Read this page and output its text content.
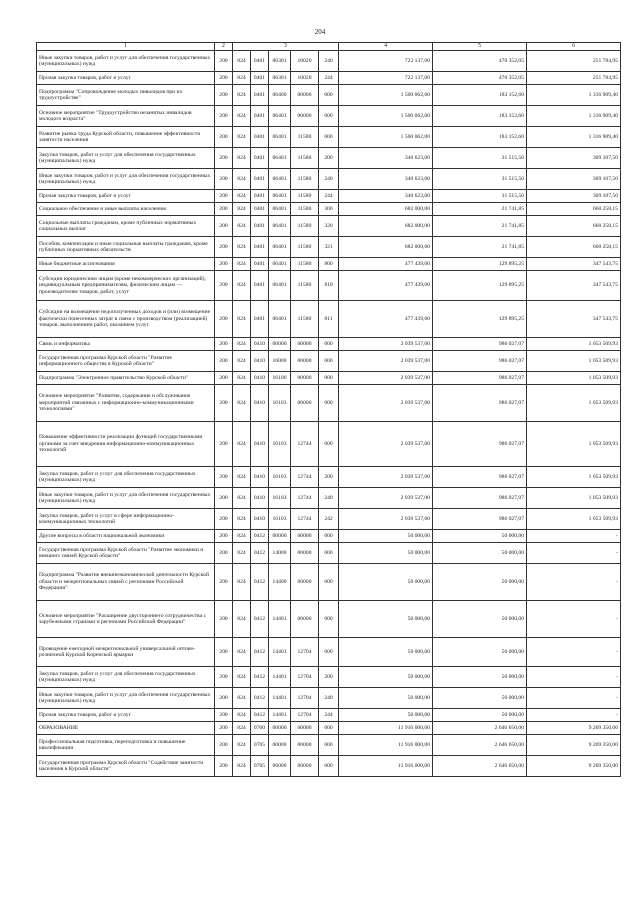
204
1	2	3					4	5	6
Иные закупки товаров, работ и услуг для обеспечения государственных (муниципальных) нужд	200	824	0401	06301	10020	240	722 137,00	470 352,05	251 784,95
Прочая закупка товаров, работ и услуг	200	824	0401	06301	10020	244	722 137,00	470 352,05	251 784,95
Подпрограмма "Сопровождение молодых инвалидов при их трудоустройстве"	200	824	0401	06400	00000	000	1 500 062,00	183 152,60	1 316 909,40
Основное мероприятие "Трудоустройство незанятых инвалидов молодого возраста"	200	824	0401	06401	00000	000	1 500 062,00	183 152,60	1 316 909,40
Развитие рынка труда Курской области, повышение эффективности занятости населения	200	824	0401	06401	11580	000	1 500 062,00	183 152,60	1 316 909,40
Закупка товаров, работ и услуг для обеспечения государственных (муниципальных) нужд	200	824	0401	06401	11580	200	340 623,00	31 515,50	309 107,50
Иные закупки товаров, работ и услуг для обеспечения государственных (муниципальных) нужд	200	824	0401	06401	11580	240	340 623,00	31 515,50	309 107,50
Прочая закупка товаров, работ и услуг	200	824	0401	06401	11580	244	340 623,00	31 515,50	309 107,50
Социальное обеспечение и иные выплаты населению	200	824	0401	06401	11580	300	682 000,00	21 741,85	660 258,15
Социальные выплаты гражданам, кроме публичных нормативных социальных выплат	200	824	0401	06401	11580	320	682 000,00	21 741,85	660 258,15
Пособия, компенсации и иные социальные выплаты гражданам, кроме публичных нормативных обязательств	200	824	0401	06401	11580	321	682 000,00	21 741,85	660 258,15
Иные бюджетные ассигнования	200	824	0401	06401	11580	800	477 439,00	129 895,25	347 543,75
Субсидии юридическим лицам (кроме некоммерческих организаций), индивидуальным предпринимателям, физическим лицам — производителям товаров, работ, услуг	200	824	0401	06401	11580	810	477 439,00	129 895,25	347 543,75
Субсидии на возмещение недополученных доходов и (или) возмещение фактически понесенных затрат в связи с производством (реализацией) товаров, выполнением работ, оказанием услуг	200	824	0401	06401	11580	811	477 439,00	129 895,25	347 543,75
Связь и информатика	200	824	0410	00000	00000	000	2 039 537,00	986 027,07	1 053 509,93
Государственная программа Курской области "Развитие информационного общества в Курской области"	200	824	0410	16000	00000	000	2 039 537,00	986 027,07	1 053 509,93
Подпрограмма "Электронное правительство Курской области"	200	824	0410	16100	00000	000	2 039 537,00	986 027,07	1 053 509,93
Основное мероприятие "Развитие, содержание и обслуживание мероприятий связанных с информационно-коммуникационными технологиями"	200	824	0410	16103	00000	000	2 039 537,00	986 027,07	1 053 509,93
Повышение эффективности реализации функций государственными органами за счет внедрения информационно-коммуникационных технологий	200	824	0410	16103	12744	000	2 039 537,00	986 027,07	1 053 509,93
Закупка товаров, работ и услуг для обеспечения государственных (муниципальных) нужд	200	824	0410	16103	12744	200	2 039 537,00	986 027,07	1 053 509,93
Иные закупки товаров, работ и услуг для обеспечения государственных (муниципальных) нужд	200	824	0410	16103	12744	240	2 039 537,00	986 027,07	1 053 509,93
Закупка товаров, работ и услуг в сфере информационно-коммуникационных технологий	200	824	0410	16103	12744	242	2 039 537,00	986 027,07	1 053 509,93
Другие вопросы в области национальной экономики	200	824	0412	00000	00000	000	50 000,00	50 000,00	-
Государственная программа Курской области "Развитие экономики и внешних связей Курской области"	200	824	0412	14000	00000	000	50 000,00	50 000,00	-
Подпрограмма "Развитие внешнеэкономической деятельности Курской области и межрегиональных связей с регионами Российской Федерации"	200	824	0412	14400	00000	000	50 000,00	50 000,00	-
Основное мероприятие "Расширение двустороннего сотрудничества с зарубежными странами и регионами Российской Федерации"	200	824	0412	14401	00000	000	50 000,00	50 000,00	-
Проведение ежегодной межрегиональной универсальной оптово-розничной Курской Коренской ярмарки	200	824	0412	14401	12704	000	50 000,00	50 000,00	-
Закупка товаров, работ и услуг для обеспечения государственных (муниципальных) нужд	200	824	0412	14401	12704	200	50 000,00	50 000,00	-
Иные закупки товаров, работ и услуг для обеспечения государственных (муниципальных) нужд	200	824	0412	14401	12704	240	50 000,00	50 000,00	-
Прочая закупка товаров, работ и услуг	200	824	0412	14401	12704	244	50 000,00	50 000,00	-
ОБРАЗОВАНИЕ	200	824	0700	00000	00000	000	11 916 000,00	2 646 650,00	9 269 350,00
Профессиональная подготовка, переподготовка и повышение квалификации	200	824	0705	00000	00000	000	11 916 000,00	2 646 650,00	9 269 350,00
Государственная программа Курской области "Содействие занятости населения в Курской области"	200	824	0705	06000	00000	000	11 916 000,00	2 646 650,00	9 269 350,00
